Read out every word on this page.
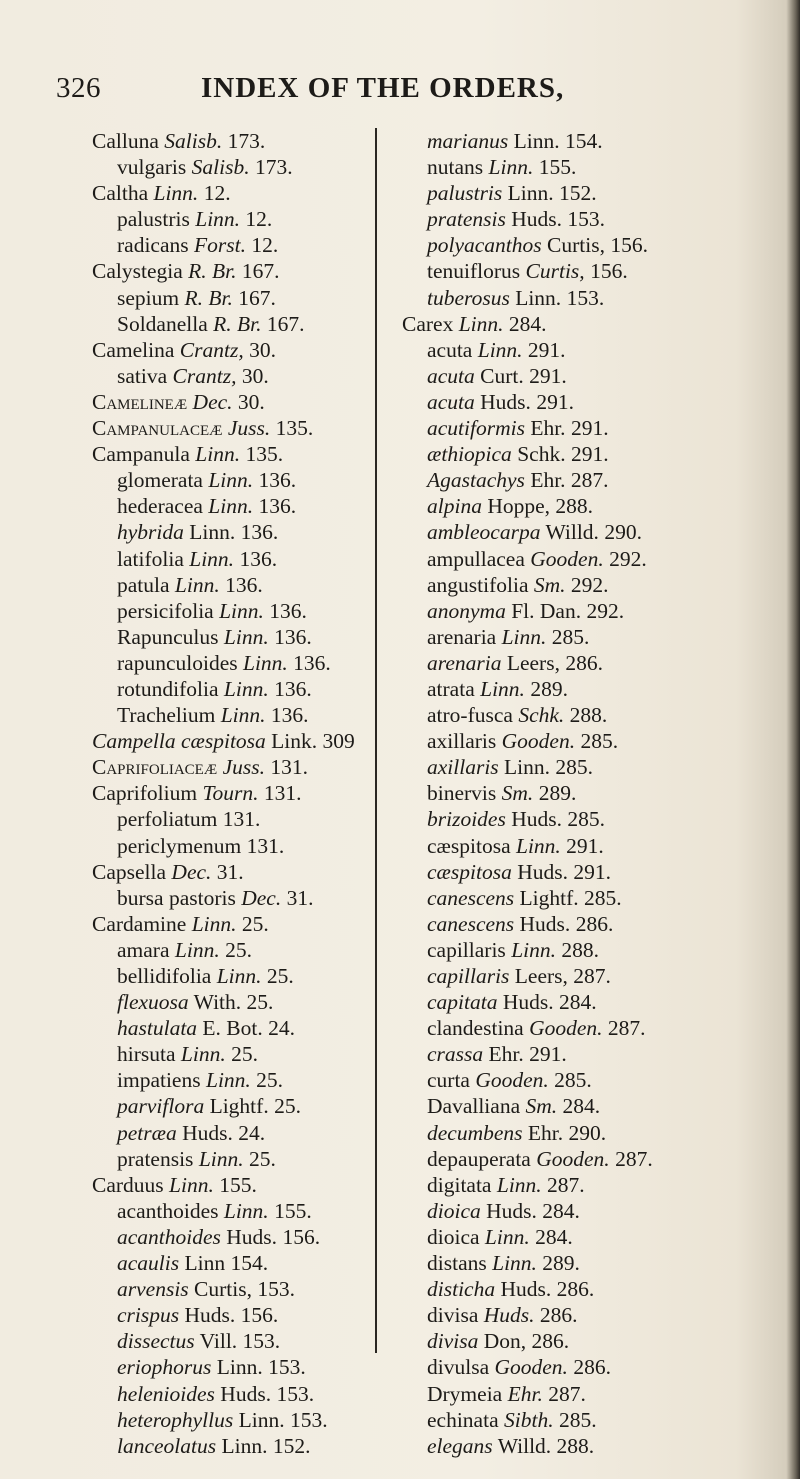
326	INDEX OF THE ORDERS,
Calluna Salisb. 173.
vulgaris Salisb. 173.
Caltha Linn. 12.
palustris Linn. 12.
radicans Forst. 12.
Calystegia R. Br. 167.
sepium R. Br. 167.
Soldanella R. Br. 167.
Camelina Crantz, 30.
sativa Crantz, 30.
Camelineæ Dec. 30.
Campanulaceæ Juss. 135.
Campanula Linn. 135.
glomerata Linn. 136.
hederacea Linn. 136.
hybrida Linn. 136.
latifolia Linn. 136.
patula Linn. 136.
persicifolia Linn. 136.
Rapunculus Linn. 136.
rapunculoides Linn. 136.
rotundifolia Linn. 136.
Trachelium Linn. 136.
Campella cæspitosa Link. 309
Caprifoliaceæ Juss. 131.
Caprifolium Tourn. 131.
perfoliatum 131.
periclymenum 131.
Capsella Dec. 31.
bursa pastoris Dec. 31.
Cardamine Linn. 25.
amara Linn. 25.
bellidifolia Linn. 25.
flexuosa With. 25.
hastulata E. Bot. 24.
hirsuta Linn. 25.
impatiens Linn. 25.
parviflora Lightf. 25.
petræa Huds. 24.
pratensis Linn. 25.
Carduus Linn. 155.
acanthoides Linn. 155.
acanthoides Huds. 156.
acaulis Linn 154.
arvensis Curtis, 153.
crispus Huds. 156.
dissectus Vill. 153.
eriophorus Linn. 153.
helenioides Huds. 153.
heterophyllus Linn. 153.
lanceolatus Linn. 152.
marianus Linn. 154.
nutans Linn. 155.
palustris Linn. 152.
pratensis Huds. 153.
polyacanthos Curtis, 156.
tenuiflorus Curtis, 156.
tuberosus Linn. 153.
Carex Linn. 284.
acuta Linn. 291.
acuta Curt. 291.
acuta Huds. 291.
acutiformis Ehr. 291.
æthiopica Schk. 291.
Agastachys Ehr. 287.
alpina Hoppe, 288.
ambleocarpa Willd. 290.
ampullacea Gooden. 292.
angustifolia Sm. 292.
anonyma Fl. Dan. 292.
arenaria Linn. 285.
arenaria Leers, 286.
atrata Linn. 289.
atro-fusca Schk. 288.
axillaris Gooden. 285.
axillaris Linn. 285.
binervis Sm. 289.
brizoides Huds. 285.
cæspitosa Linn. 291.
cæspitosa Huds. 291.
canescens Lightf. 285.
canescens Huds. 286.
capillaris Linn. 288.
capillaris Leers, 287.
capitata Huds. 284.
clandestina Gooden. 287.
crassa Ehr. 291.
curta Gooden. 285.
Davalliana Sm. 284.
decumbens Ehr. 290.
depauperata Gooden. 287.
digitata Linn. 287.
dioica Huds. 284.
dioica Linn. 284.
distans Linn. 289.
disticha Huds. 286.
divisa Huds. 286.
divisa Don, 286.
divulsa Gooden. 286.
Drymeia Ehr. 287.
echinata Sibth. 285.
elegans Willd. 288.
